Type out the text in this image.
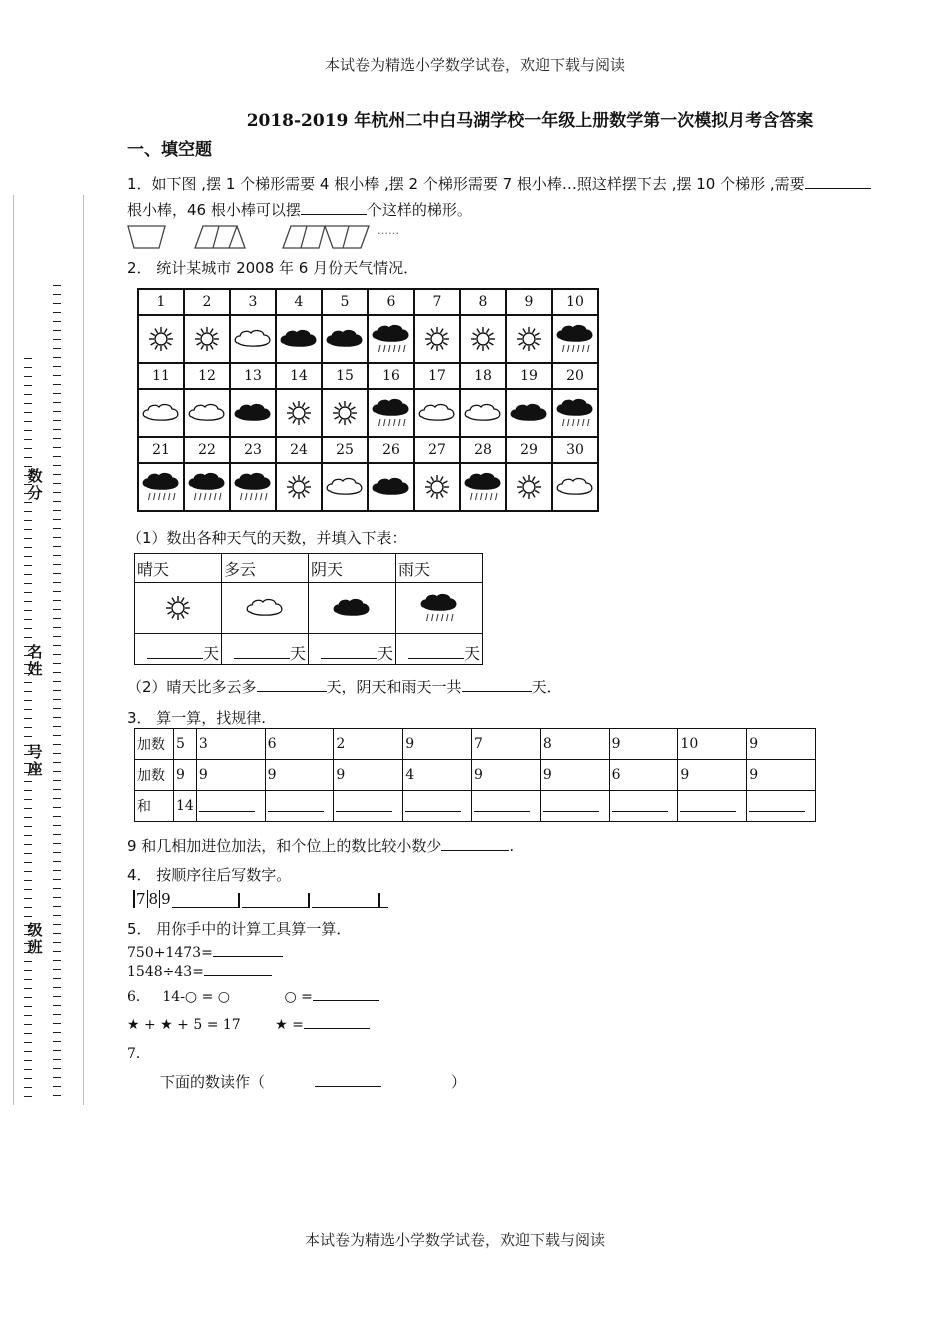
本试卷为精选小学数学试卷，欢迎下载与阅读
2018-2019 年杭州二中白马湖学校一年级上册数学第一次模拟月考含答案
一、填空题
数分
名姓
号座
级班
1．如下图 ,摆 1 个梯形需要 4 根小棒 ,摆 2 个梯形需要 7 根小棒…照这样摆下去 ,摆 10 个梯形 ,需要
根小棒，46 根小棒可以摆	个这样的梯形。
……
2． 统计某城市 2008 年 6 月份天气情况．
1	2	3	4	5	6	7	8	9	10

11	12	13	14	15	16	17	18	19	20

21	22	23	24	25	26	27	28	29	30

（1）数出各种天气的天数，并填入下表：
晴天	多云	阴天	雨天

天	天	天	天
（2）晴天比多云多	天，阴天和雨天一共	天．
3． 算一算，找规律.
加数	5	3	6	2	9	7	8	9	10	9
加数	9	9	9	9	4	9	9	6	9	9
和	14									
9 和几相加进位加法，和个位上的数比较小数少	.
4． 按顺序往后写数字。
7 8 9
5． 用你手中的计算工具算一算．
750+1473=
1548÷43=
6． 14-○ = ○	○ =
★ + ★ + 5 = 17 ★ =
7．
下面的数读作（	）
本试卷为精选小学数学试卷，欢迎下载与阅读
